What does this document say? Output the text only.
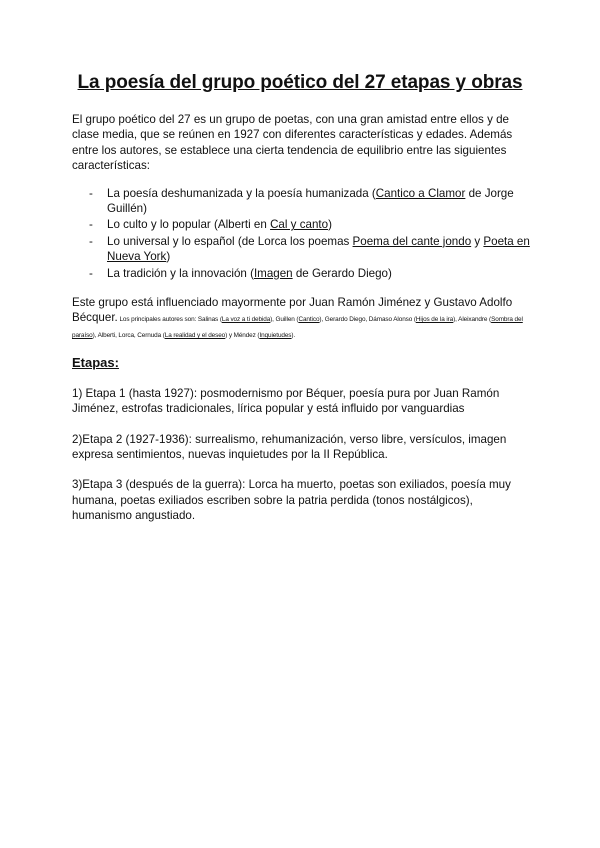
La poesía del grupo poético del 27 etapas y obras

El grupo poético del 27 es un grupo de poetas, con una gran amistad entre ellos y de clase media, que se reúnen en 1927 con diferentes características y edades. Además entre los autores, se establece una cierta tendencia de equilibrio entre las siguientes características:

- La poesía deshumanizada y la poesía humanizada (Cantico a Clamor de Jorge Guillén)
- Lo culto y lo popular (Alberti en Cal y canto)
- Lo universal y lo español (de Lorca los poemas Poema del cante jondo y Poeta en Nueva York)
- La tradición y la innovación (Imagen de Gerardo Diego)

Este grupo está influenciado mayormente por Juan Ramón Jiménez y Gustavo Adolfo Bécquer. Los principales autores son: Salinas (La voz a ti debida), Guillen (Cantico), Gerardo Diego, Dámaso Alonso (Hijos de la ira), Aleixandre (Sombra del paraíso), Alberti, Lorca, Cernuda (La realidad y el deseo) y Méndez (Inquietudes).

Etapas:

1) Etapa 1 (hasta 1927): posmodernismo por Béquer, poesía pura por Juan Ramón Jiménez, estrofas tradicionales, lírica popular y está influido por vanguardias

2)Etapa 2 (1927-1936): surrealismo, rehumanización, verso libre, versículos, imagen expresa sentimientos, nuevas inquietudes por la II República.

3)Etapa 3 (después de la guerra): Lorca ha muerto, poetas son exiliados, poesía muy humana, poetas exiliados escriben sobre la patria perdida (tonos nostálgicos), humanismo angustiado.
